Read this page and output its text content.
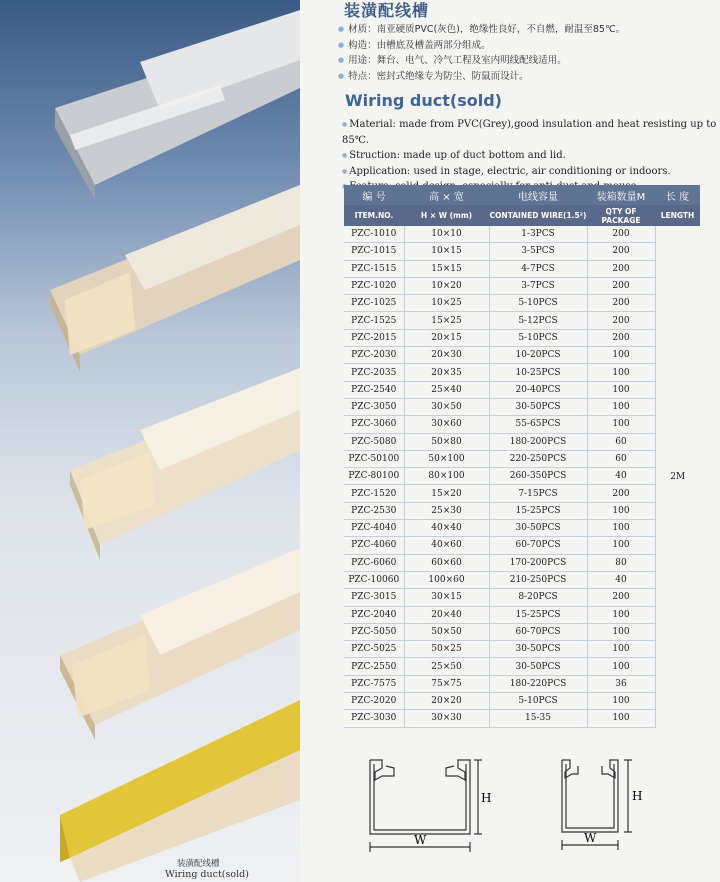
装潢配线槽
● 材质：南亚硬质PVC(灰色)，绝缘性良好，不自燃，耐温至85℃。
● 构造：由槽底及槽盖两部分组成。
● 用途：舞台、电气、冷气工程及室内明线配线适用。
● 特点：密封式绝缘专为防尘、防鼠而设计。
Wiring duct(sold)
● Material: made from PVC(Grey),good insulation and heat resisting up to 85℃.
● Struction: made up of duct bottom and lid.
● Application: used in stage, electric, air conditioning or indoors.
●
编 号	高 × 宽	电线容量	装箱数量M	长 度
ITEM.NO.	H × W (mm)	CONTAINED WIRE(1.5²)	QTY OF PACKAGE	LENGTH
PZC-1010	10×10	1-3PCS	200	2M
PZC-1015	10×15	3-5PCS	200	
PZC-1515	15×15	4-7PCS	200	
PZC-1020	10×20	3-7PCS	200	
PZC-1025	10×25	5-10PCS	200	
PZC-1525	15×25	5-12PCS	200	
PZC-2015	20×15	5-10PCS	200	
PZC-2030	20×30	10-20PCS	100	
PZC-2035	20×35	10-25PCS	100	
PZC-2540	25×40	20-40PCS	100	
PZC-3050	30×50	30-50PCS	100	
PZC-3060	30×60	55-65PCS	100	
PZC-5080	50×80	180-200PCS	60	
PZC-50100	50×100	220-250PCS	60	
PZC-80100	80×100	260-350PCS	40	
PZC-1520	15×20	7-15PCS	200	
PZC-2530	25×30	15-25PCS	100	
PZC-4040	40×40	30-50PCS	100	
PZC-4060	40×60	60-70PCS	100	
PZC-6060	60×60	170-200PCS	80	
PZC-10060	100×60	210-250PCS	40	
PZC-3015	30×15	8-20PCS	200	
PZC-2040	20×40	15-25PCS	100	
PZC-5050	50×50	60-70PCS	100	
PZC-5025	50×25	30-50PCS	100	
PZC-2550	25×50	30-50PCS	100	
PZC-7575	75×75	180-220PCS	36	
PZC-2020	20×20	5-10PCS	100	
PZC-3030	30×30	15-35	100	
H
W
H
W
装潢配线槽
Wiring duct(sold)
